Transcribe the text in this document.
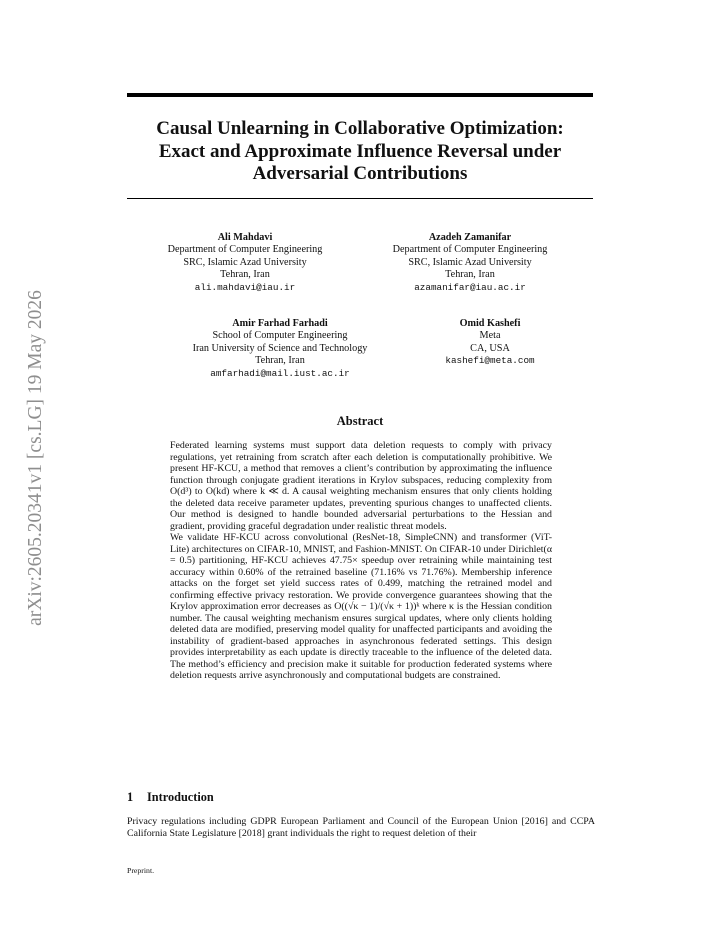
arXiv:2605.20341v1 [cs.LG] 19 May 2026
Causal Unlearning in Collaborative Optimization:
Exact and Approximate Influence Reversal under
Adversarial Contributions
Ali Mahdavi
Department of Computer Engineering
SRC, Islamic Azad University
Tehran, Iran
ali.mahdavi@iau.ir
Azadeh Zamanifar
Department of Computer Engineering
SRC, Islamic Azad University
Tehran, Iran
azamanifar@iau.ac.ir
Amir Farhad Farhadi
School of Computer Engineering
Iran University of Science and Technology
Tehran, Iran
amfarhadi@mail.iust.ac.ir
Omid Kashefi
Meta
CA, USA
kashefi@meta.com
Abstract

Federated learning systems must support data deletion requests to comply with privacy regulations, yet retraining from scratch after each deletion is computationally prohibitive. We present HF-KCU, a method that removes a client’s contribution by approximating the influence function through conjugate gradient iterations in Krylov subspaces, reducing complexity from O(d³) to O(kd) where k ≪ d. A causal weighting mechanism ensures that only clients holding the deleted data receive parameter updates, preventing spurious changes to unaffected clients. Our method is designed to handle bounded adversarial perturbations to the Hessian and gradient, providing graceful degradation under realistic threat models.

We validate HF-KCU across convolutional (ResNet-18, SimpleCNN) and transformer (ViT-Lite) architectures on CIFAR-10, MNIST, and Fashion-MNIST. On CIFAR-10 under Dirichlet(α = 0.5) partitioning, HF-KCU achieves 47.75× speedup over retraining while maintaining test accuracy within 0.60% of the retrained baseline (71.16% vs 71.76%). Membership inference attacks on the forget set yield success rates of 0.499, matching the retrained model and confirming effective privacy restoration. We provide convergence guarantees showing that the Krylov approximation error decreases as O((√κ − 1)/(√κ + 1))ᵏ where κ is the Hessian condition number. The causal weighting mechanism ensures surgical updates, where only clients holding deleted data are modified, preserving model quality for unaffected participants and avoiding the instability of gradient-based approaches in asynchronous federated settings. This design provides interpretability as each update is directly traceable to the influence of the deleted data. The method’s efficiency and precision make it suitable for production federated systems where deletion requests arrive asynchronously and computational budgets are constrained.

1 Introduction
Privacy regulations including GDPR European Parliament and Council of the European Union [2016] and CCPA California State Legislature [2018] grant individuals the right to request deletion of their
Preprint.
